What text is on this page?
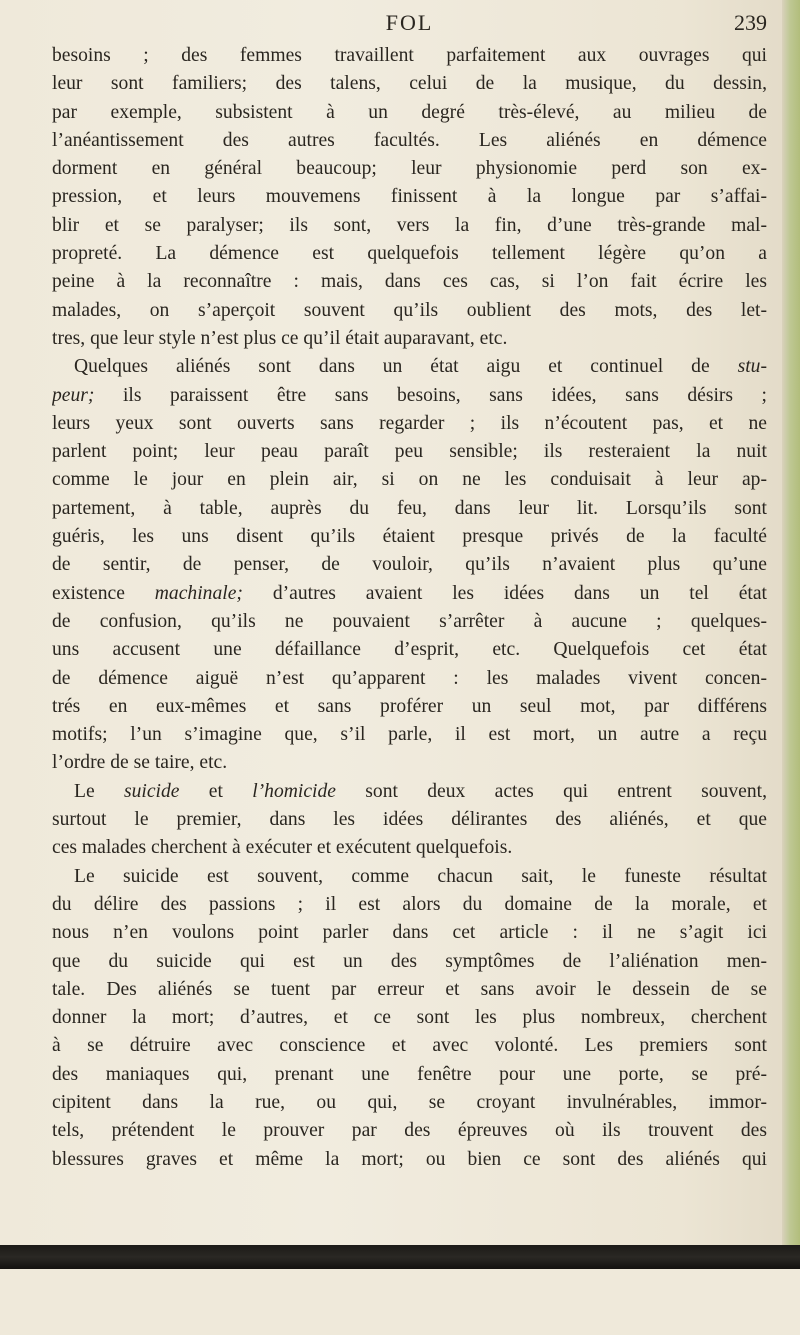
FOL	239
besoins ; des femmes travaillent parfaitement aux ouvrages qui
leur sont familiers; des talens, celui de la musique, du dessin,
par exemple, subsistent à un degré très-élevé, au milieu de
l’anéantissement des autres facultés. Les aliénés en démence
dorment en général beaucoup; leur physionomie perd son ex-
pression, et leurs mouvemens finissent à la longue par s’affai-
blir et se paralyser; ils sont, vers la fin, d’une très-grande mal-
propreté. La démence est quelquefois tellement légère qu’on a
peine à la reconnaître : mais, dans ces cas, si l’on fait écrire les
malades, on s’aperçoit souvent qu’ils oublient des mots, des let-
tres, que leur style n’est plus ce qu’il était auparavant, etc.
Quelques aliénés sont dans un état aigu et continuel de stu-
peur; ils paraissent être sans besoins, sans idées, sans désirs ;
leurs yeux sont ouverts sans regarder ; ils n’écoutent pas, et ne
parlent point; leur peau paraît peu sensible; ils resteraient la nuit
comme le jour en plein air, si on ne les conduisait à leur ap-
partement, à table, auprès du feu, dans leur lit. Lorsqu’ils sont
guéris, les uns disent qu’ils étaient presque privés de la faculté
de sentir, de penser, de vouloir, qu’ils n’avaient plus qu’une
existence machinale; d’autres avaient les idées dans un tel état
de confusion, qu’ils ne pouvaient s’arrêter à aucune ; quelques-
uns accusent une défaillance d’esprit, etc. Quelquefois cet état
de démence aiguë n’est qu’apparent : les malades vivent concen-
trés en eux-mêmes et sans proférer un seul mot, par différens
motifs; l’un s’imagine que, s’il parle, il est mort, un autre a reçu
l’ordre de se taire, etc.
Le suicide et l’homicide sont deux actes qui entrent souvent,
surtout le premier, dans les idées délirantes des aliénés, et que
ces malades cherchent à exécuter et exécutent quelquefois.
Le suicide est souvent, comme chacun sait, le funeste résultat
du délire des passions ; il est alors du domaine de la morale, et
nous n’en voulons point parler dans cet article : il ne s’agit ici
que du suicide qui est un des symptômes de l’aliénation men-
tale. Des aliénés se tuent par erreur et sans avoir le dessein de se
donner la mort; d’autres, et ce sont les plus nombreux, cherchent
à se détruire avec conscience et avec volonté. Les premiers sont
des maniaques qui, prenant une fenêtre pour une porte, se pré-
cipitent dans la rue, ou qui, se croyant invulnérables, immor-
tels, prétendent le prouver par des épreuves où ils trouvent des
blessures graves et même la mort; ou bien ce sont des aliénés qui
